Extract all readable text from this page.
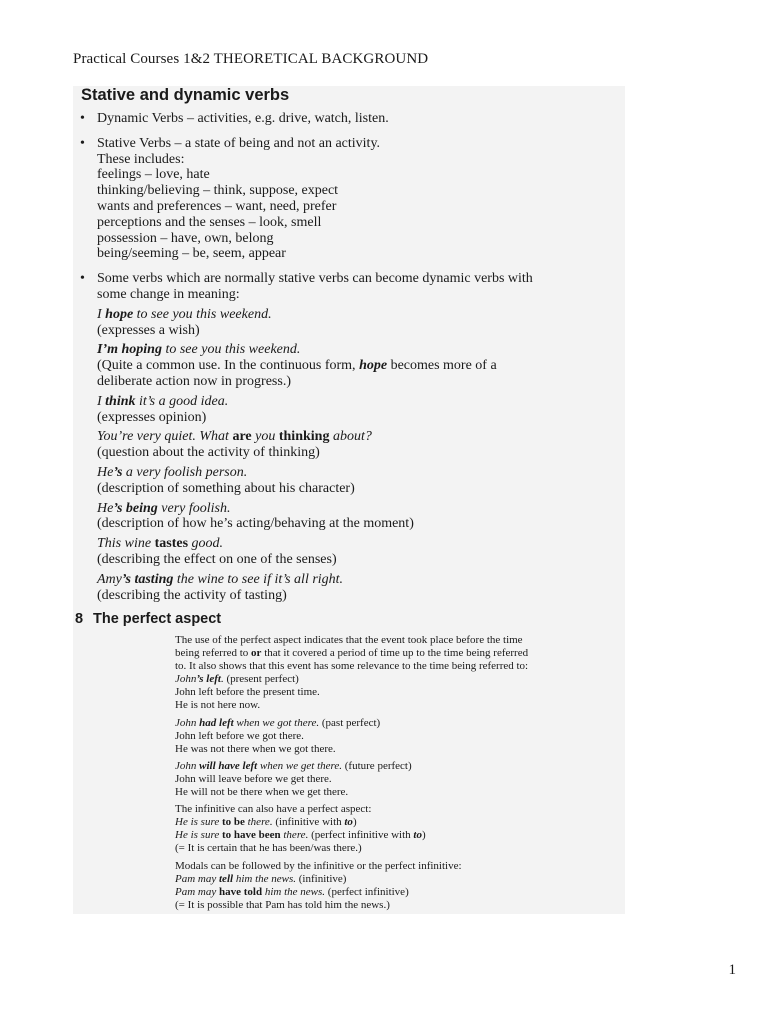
Practical Courses 1&2 THEORETICAL BACKGROUND
Stative and dynamic verbs
• Dynamic Verbs – activities, e.g. drive, watch, listen.
• Stative Verbs – a state of being and not an activity.
These includes:
feelings – love, hate
thinking/believing – think, suppose, expect
wants and preferences – want, need, prefer
perceptions and the senses – look, smell
possession – have, own, belong
being/seeming – be, seem, appear
• Some verbs which are normally stative verbs can become dynamic verbs with
some change in meaning:
I hope to see you this weekend.
(expresses a wish)
I’m hoping to see you this weekend.
(Quite a common use. In the continuous form, hope becomes more of a
deliberate action now in progress.)
I think it’s a good idea.
(expresses opinion)
You’re very quiet. What are you thinking about?
(question about the activity of thinking)
He’s a very foolish person.
(description of something about his character)
He’s being very foolish.
(description of how he’s acting/behaving at the moment)
This wine tastes good.
(describing the effect on one of the senses)
Amy’s tasting the wine to see if it’s all right.
(describing the activity of tasting)
8 The perfect aspect
The use of the perfect aspect indicates that the event took place before the time
being referred to or that it covered a period of time up to the time being referred
to. It also shows that this event has some relevance to the time being referred to:
John’s left. (present perfect)
John left before the present time.
He is not here now.
John had left when we got there. (past perfect)
John left before we got there.
He was not there when we got there.
John will have left when we get there. (future perfect)
John will leave before we get there.
He will not be there when we get there.
The infinitive can also have a perfect aspect:
He is sure to be there. (infinitive with to)
He is sure to have been there. (perfect infinitive with to)
(= It is certain that he has been/was there.)
Modals can be followed by the infinitive or the perfect infinitive:
Pam may tell him the news. (infinitive)
Pam may have told him the news. (perfect infinitive)
(= It is possible that Pam has told him the news.)
1
